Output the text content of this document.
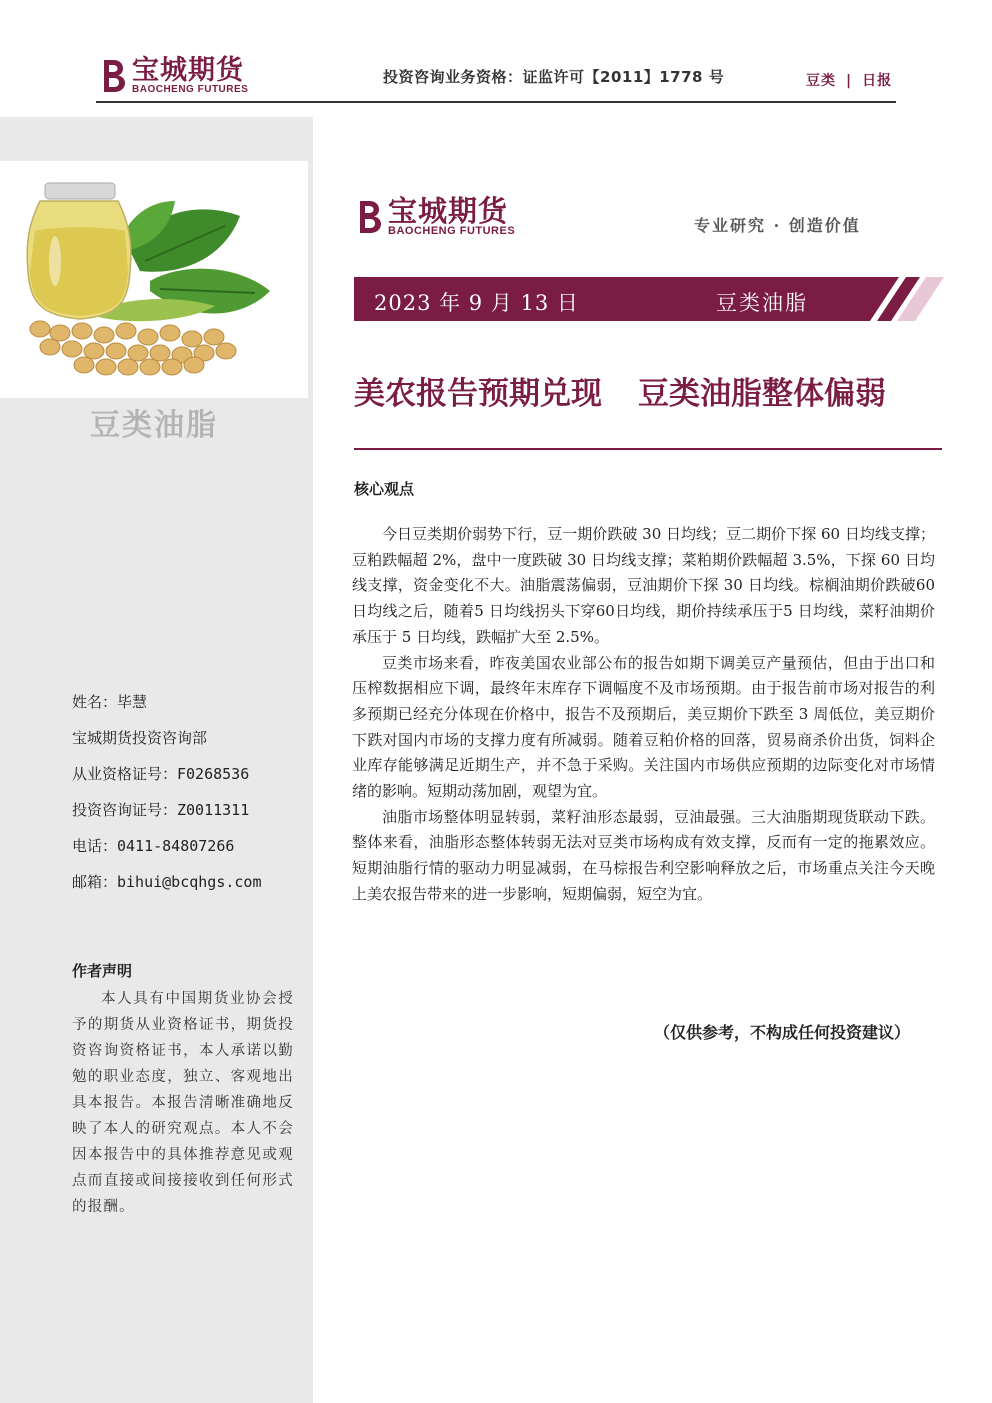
宝城期货
BAOCHENG FUTURES
投资咨询业务资格：证监许可【2011】1778 号	豆类 | 日报
豆类油脂
姓名：毕慧
宝城期货投资咨询部
从业资格证号：F0268536
投资咨询证号：Z0011311
电话：0411-84807266
邮箱：bihui@bcqhgs.com
作者声明
本人具有中国期货业协会授予的期货从业资格证书，期货投资咨询资格证书，本人承诺以勤勉的职业态度，独立、客观地出具本报告。本报告清晰准确地反映了本人的研究观点。本人不会因本报告中的具体推荐意见或观点而直接或间接接收到任何形式的报酬。
宝城期货
BAOCHENG FUTURES	专业研究 · 创造价值
2023 年 9 月 13 日	豆类油脂
美农报告预期兑现 豆类油脂整体偏弱
核心观点

今日豆类期价弱势下行，豆一期价跌破 30 日均线；豆二期价下探 60 日均线支撑；豆粕跌幅超 2%，盘中一度跌破 30 日均线支撑；菜粕期价跌幅超 3.5%，下探 60 日均线支撑，资金变化不大。油脂震荡偏弱，豆油期价下探 30 日均线。棕榈油期价跌破60日均线之后，随着5 日均线拐头下穿60日均线，期价持续承压于5 日均线，菜籽油期价承压于 5 日均线，跌幅扩大至 2.5%。

豆类市场来看，昨夜美国农业部公布的报告如期下调美豆产量预估，但由于出口和压榨数据相应下调，最终年末库存下调幅度不及市场预期。由于报告前市场对报告的利多预期已经充分体现在价格中，报告不及预期后，美豆期价下跌至 3 周低位，美豆期价下跌对国内市场的支撑力度有所减弱。随着豆粕价格的回落，贸易商杀价出货，饲料企业库存能够满足近期生产，并不急于采购。关注国内市场供应预期的边际变化对市场情绪的影响。短期动荡加剧，观望为宜。

油脂市场整体明显转弱，菜籽油形态最弱，豆油最强。三大油脂期现货联动下跌。整体来看，油脂形态整体转弱无法对豆类市场构成有效支撑，反而有一定的拖累效应。短期油脂行情的驱动力明显减弱，在马棕报告利空影响释放之后，市场重点关注今天晚上美农报告带来的进一步影响，短期偏弱，短空为宜。

（仅供参考，不构成任何投资建议）
